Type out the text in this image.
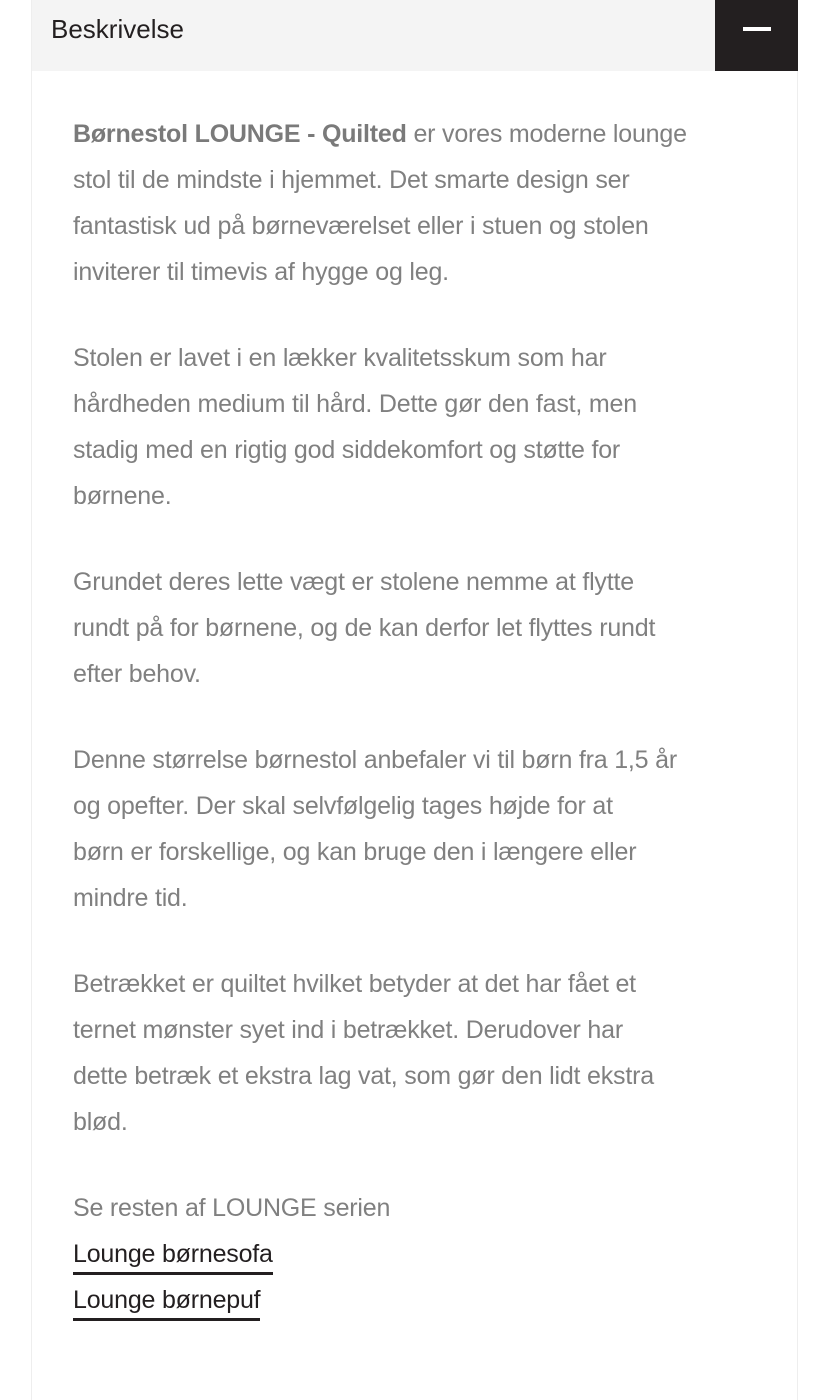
Beskrivelse

Børnestol LOUNGE - Quilted er vores moderne lounge
stol til de mindste i hjemmet. Det smarte design ser
fantastisk ud på børneværelset eller i stuen og stolen
inviterer til timevis af hygge og leg.

Stolen er lavet i en lækker kvalitetsskum som har
hårdheden medium til hård. Dette gør den fast, men
stadig med en rigtig god siddekomfort og støtte for
børnene.

Grundet deres lette vægt er stolene nemme at flytte
rundt på for børnene, og de kan derfor let flyttes rundt
efter behov.

Denne størrelse børnestol anbefaler vi til børn fra 1,5 år
og opefter. Der skal selvfølgelig tages højde for at
børn er forskellige, og kan bruge den i længere eller
mindre tid.

Betrækket er quiltet hvilket betyder at det har fået et
ternet mønster syet ind i betrækket. Derudover har
dette betræk et ekstra lag vat, som gør den lidt ekstra
blød.

Se resten af LOUNGE serien
Lounge børnesofa
Lounge børnepuf
